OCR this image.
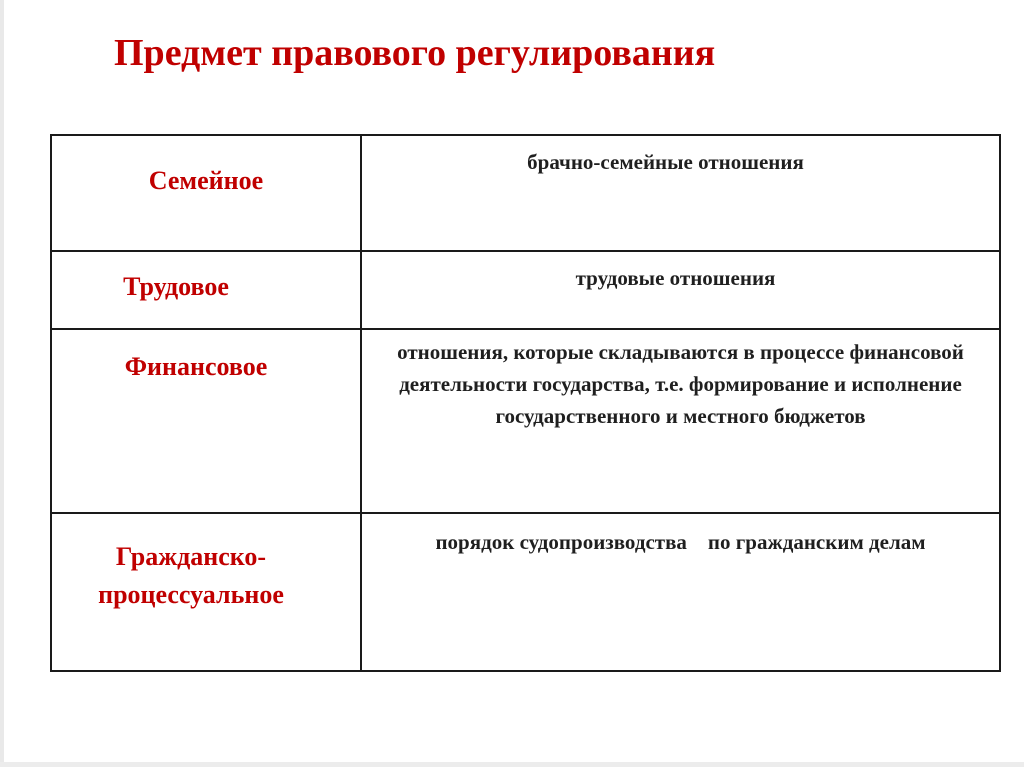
Предмет правового регулирования

Семейное	брачно-семейные отношения

Трудовое	трудовые отношения

Финансовое	отношения, которые складываются в процессе финансовой деятельности государства, т.е. формирование и исполнение государственного и местного бюджетов

Гражданско-процессуальное	порядок судопроизводства    по гражданским делам
